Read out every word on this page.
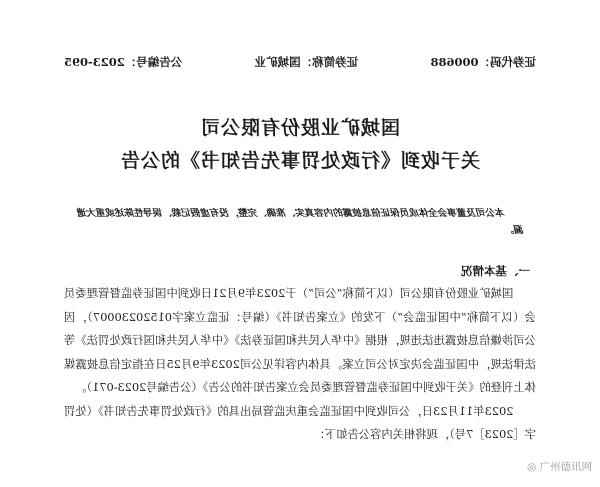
证券代码：000688
证券简称：国城矿业
公告编号：2023-095
国城矿业股份有限公司
关于收到《行政处罚事先告知书》的公告
本公司及董事会全体成员保证信息披露的内容真实、准确、完整，没有虚假记载、误导性陈述或重大遗漏。
一、基本情况

国城矿业股份有限公司（以下简称“公司”）于2023年9月21日收到中国证券监督管理委员会（以下简称“中国证监会”）下发的《立案告知书》（编号：证监立案字01520230007），因公司涉嫌信息披露违法违规，根据《中华人民共和国证券法》《中华人民共和国行政处罚法》等法律法规，中国证监会决定对公司立案。具体内容详见公司2023年9月25日在指定信息披露媒体上刊登的《关于收到中国证券监督管理委员会立案告知书的公告》（公告编号2023-071）。

2023年11月23日，公司收到中国证监会重庆监管局出具的《行政处罚事先告知书》（处罚字［2023］7号），现将相关内容公告如下：

◎ 广州德讯网
